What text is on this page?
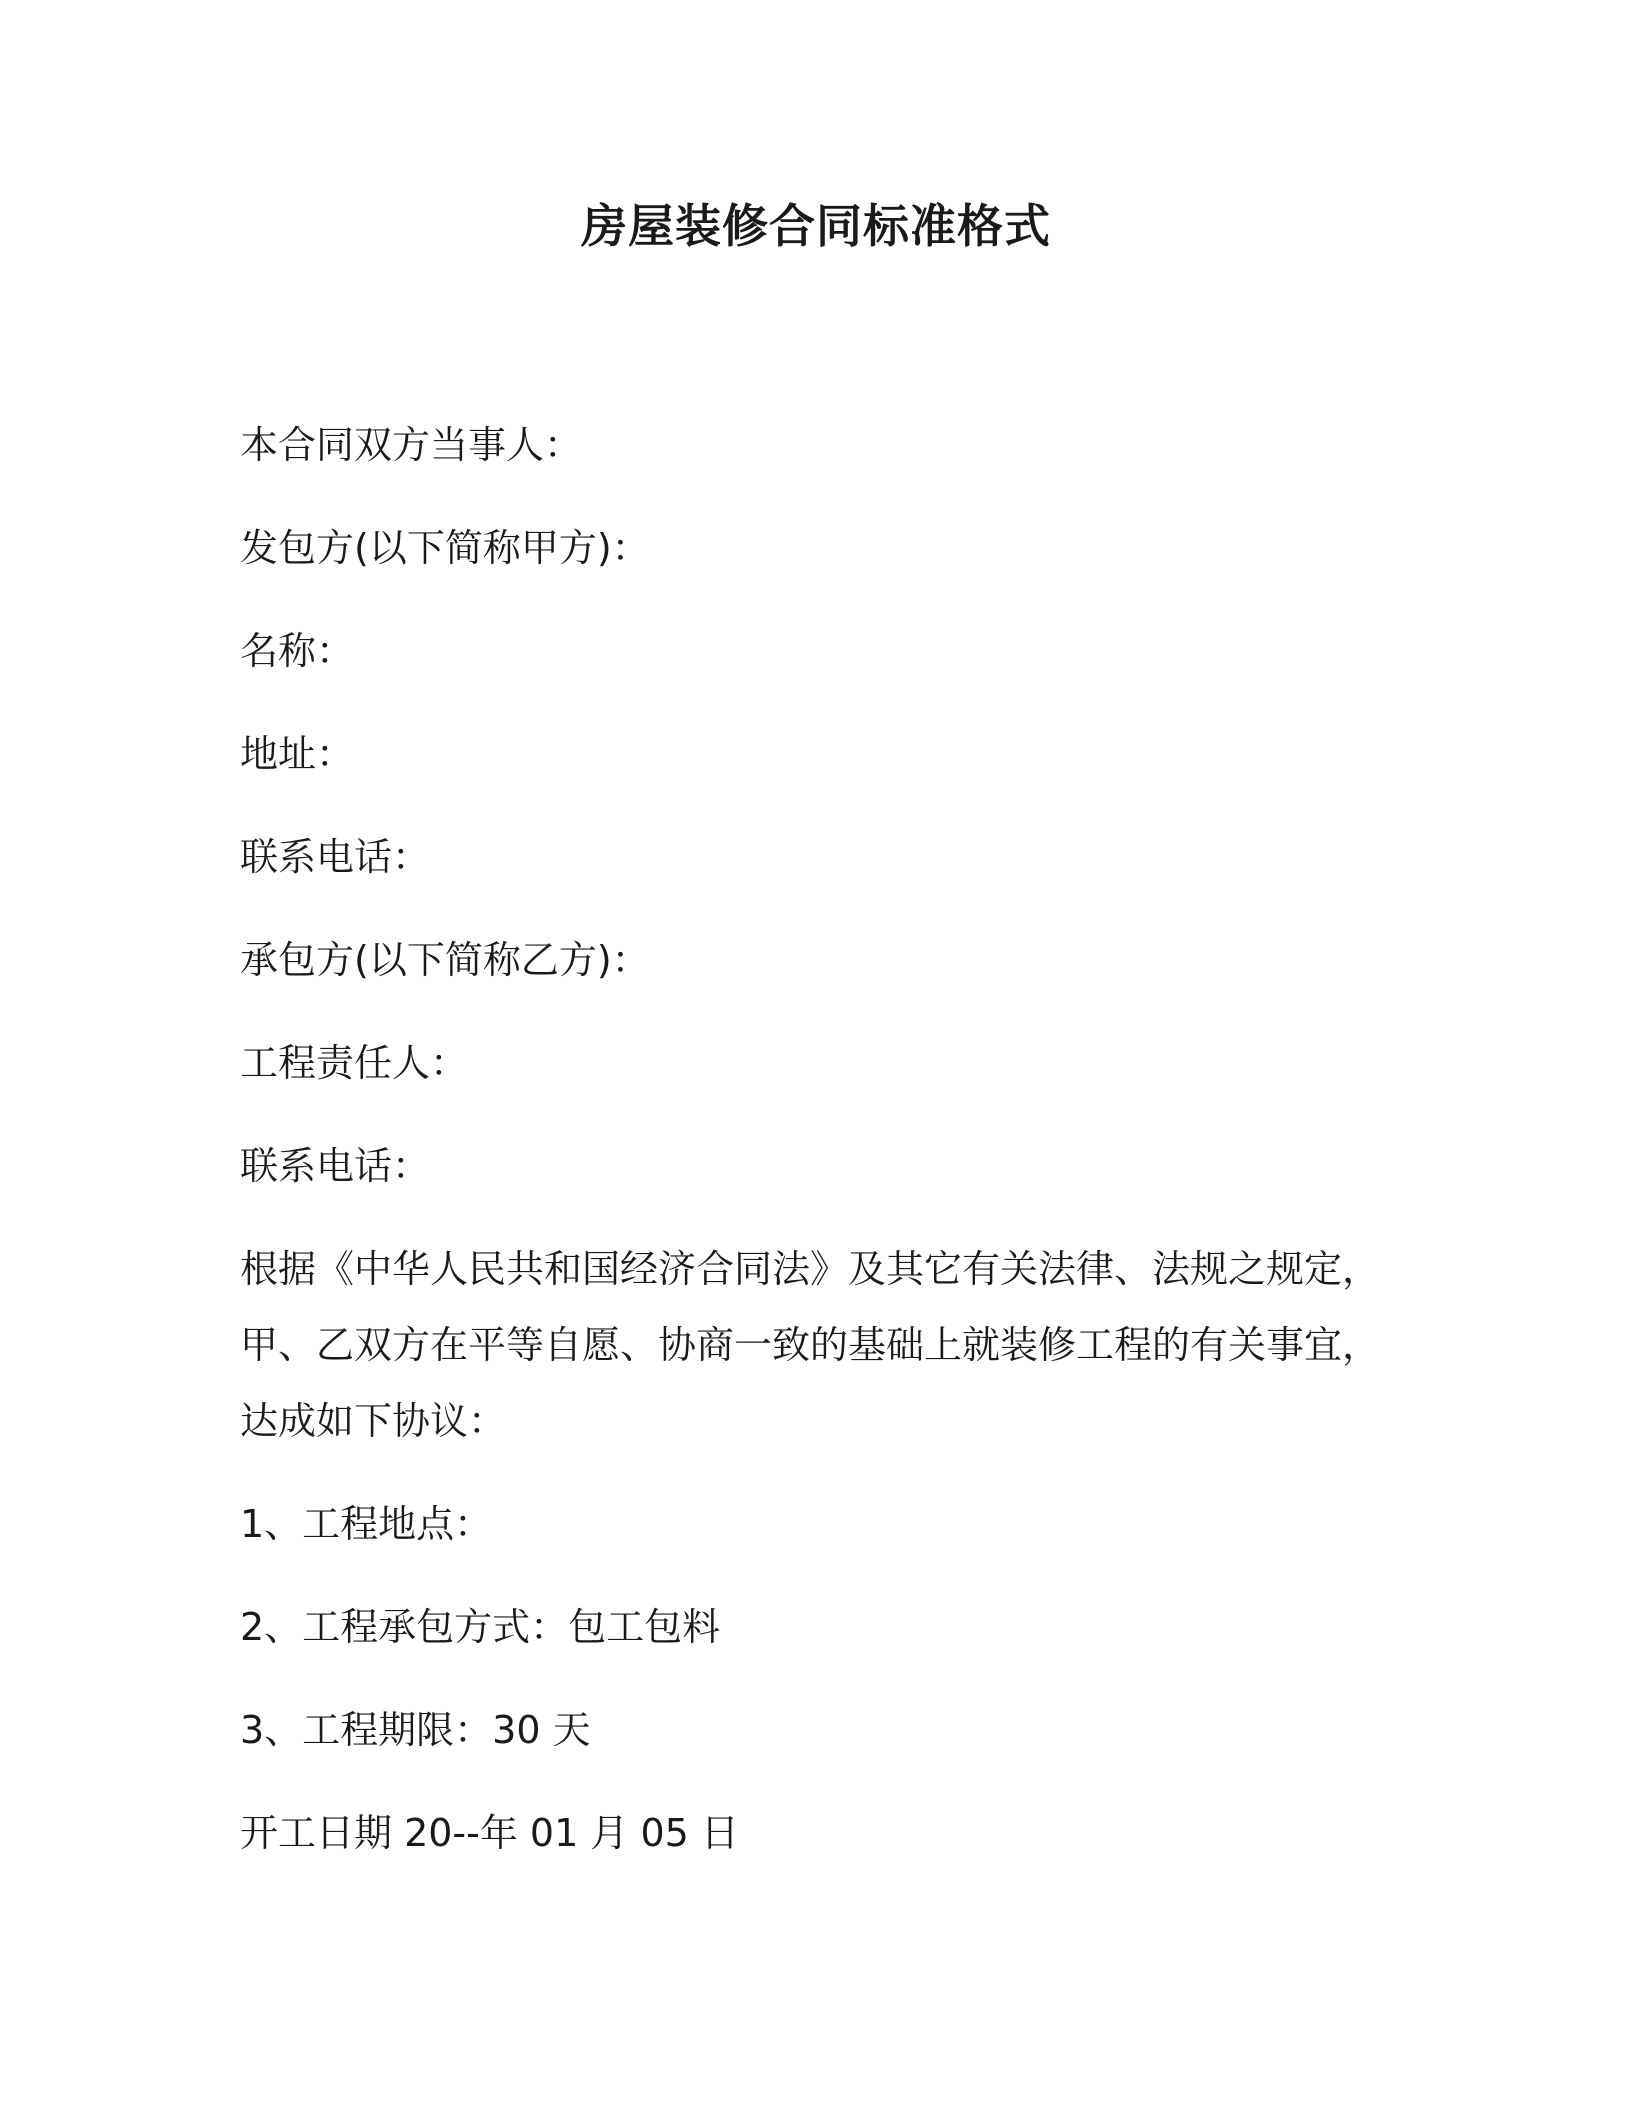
房屋装修合同标准格式

本合同双方当事人：

发包方(以下简称甲方)：

名称：

地址：

联系电话：

承包方(以下简称乙方)：

工程责任人：

联系电话：

根据《中华人民共和国经济合同法》及其它有关法律、法规之规定，

甲、乙双方在平等自愿、协商一致的基础上就装修工程的有关事宜，

达成如下协议：

1、工程地点：

2、工程承包方式：包工包料

3、工程期限：30 天

开工日期 20--年 01 月 05 日
